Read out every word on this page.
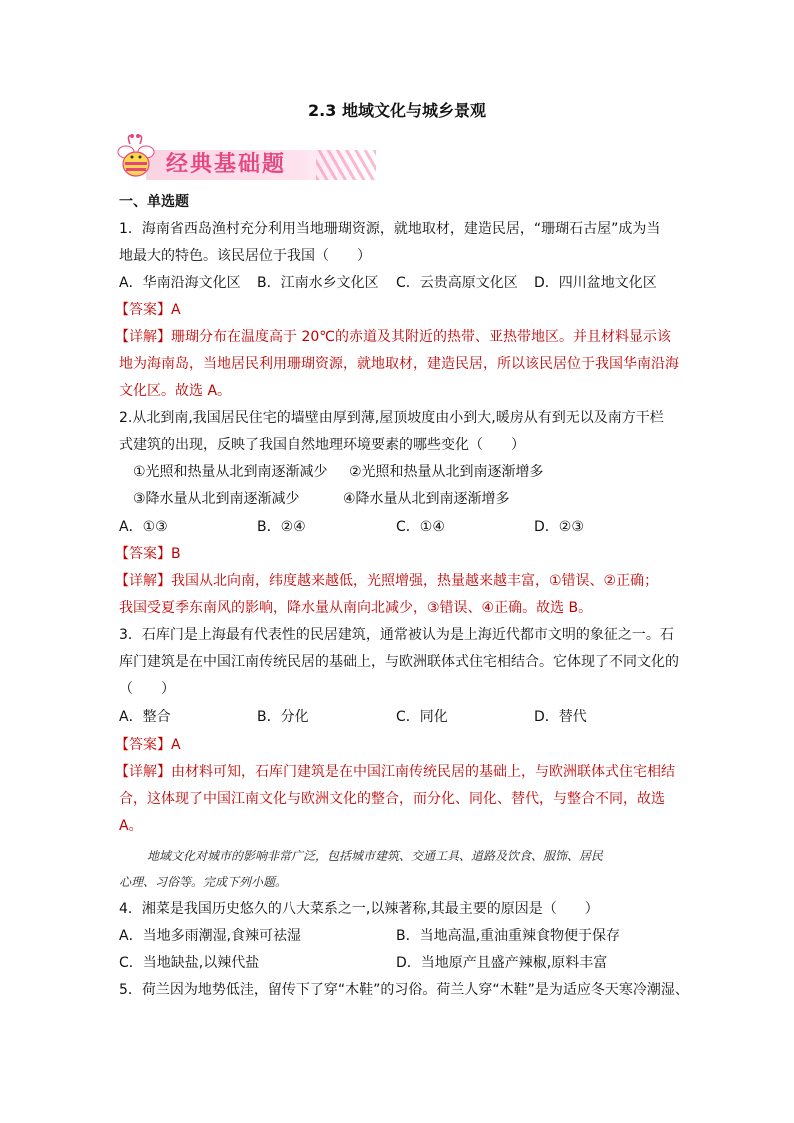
2.3 地域文化与城乡景观
经典基础题
一、单选题
1．海南省西岛渔村充分利用当地珊瑚资源，就地取材，建造民居，“珊瑚石古屋”成为当
地最大的特色。该民居位于我国（　　）
A．华南沿海文化区 B．江南水乡文化区 C．云贵高原文化区 D．四川盆地文化区
【答案】A
【详解】珊瑚分布在温度高于 20℃的赤道及其附近的热带、亚热带地区。并且材料显示该
地为海南岛，当地居民利用珊瑚资源，就地取材，建造民居，所以该民居位于我国华南沿海
文化区。故选 A。
2.从北到南,我国居民住宅的墙壁由厚到薄,屋顶坡度由小到大,暖房从有到无以及南方干栏
式建筑的出现，反映了我国自然地理环境要素的哪些变化（　　）
①光照和热量从北到南逐渐减少 ②光照和热量从北到南逐渐增多
③降水量从北到南逐渐减少	④降水量从北到南逐渐增多
A．①③	B．②④	C．①④	D．②③
【答案】B
【详解】我国从北向南，纬度越来越低，光照增强，热量越来越丰富，①错误、②正确；
我国受夏季东南风的影响，降水量从南向北减少，③错误、④正确。故选 B。
3．石库门是上海最有代表性的民居建筑，通常被认为是上海近代都市文明的象征之一。石
库门建筑是在中国江南传统民居的基础上，与欧洲联体式住宅相结合。它体现了不同文化的
（　　）
A．整合	B．分化	C．同化	D．替代
【答案】A
【详解】由材料可知，石库门建筑是在中国江南传统民居的基础上，与欧洲联体式住宅相结
合，这体现了中国江南文化与欧洲文化的整合，而分化、同化、替代，与整合不同，故选
A。
地域文化对城市的影响非常广泛，包括城市建筑、交通工具、道路及饮食、服饰、居民
心理、习俗等。完成下列小题。
4．湘菜是我国历史悠久的八大菜系之一,以辣著称,其最主要的原因是（　　）
A．当地多雨潮湿,食辣可祛湿	B．当地高温,重油重辣食物便于保存
C．当地缺盐,以辣代盐	D．当地原产且盛产辣椒,原料丰富
5．荷兰因为地势低洼，留传下了穿“木鞋”的习俗。荷兰人穿“木鞋”是为适应冬天寒冷潮湿、
